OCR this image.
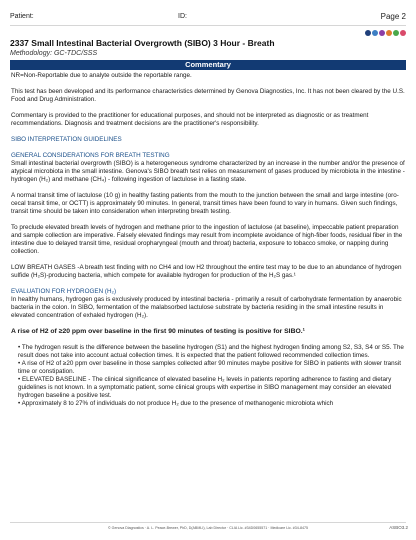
Patient:	ID:	Page 2
2337 Small Intestinal Bacterial Overgrowth (SIBO) 3 Hour - Breath
Methodology: GC-TDC/SSS
Commentary

NR=Non-Reportable due to analyte outside the reportable range.

This test has been developed and its performance characteristics determined by Genova Diagnostics, Inc. It has not been cleared by the U.S. Food and Drug Administration.

Commentary is provided to the practitioner for educational purposes, and should not be interpreted as diagnostic or as treatment recommendations. Diagnosis and treatment decisions are the practitioner's responsibility.

SIBO INTERPRETATION GUIDELINES

GENERAL CONSIDERATIONS FOR BREATH TESTING

Small intestinal bacterial overgrowth (SIBO) is a heterogeneous syndrome characterized by an increase in the number and/or the presence of atypical microbiota in the small intestine. Genova's SIBO breath test relies on measurement of gases produced by microbiota in the intestine - hydrogen (H₂) and methane (CH₄) - following ingestion of lactulose in a fasting state.

A normal transit time of lactulose (10 g) in healthy fasting patients from the mouth to the junction between the small and large intestine (oro-cecal transit time, or OCTT) is approximately 90 minutes. In general, transit times have been found to vary in humans. Given such findings, transit time should be taken into consideration when interpreting breath testing.

To preclude elevated breath levels of hydrogen and methane prior to the ingestion of lactulose (at baseline), impeccable patient preparation and sample collection are imperative. Falsely elevated findings may result from incomplete avoidance of high-fiber foods, residual fiber in the intestine due to delayed transit time, residual oropharyngeal (mouth and throat) bacteria, exposure to tobacco smoke, or napping during collection.

LOW BREATH GASES -A breath test finding with no CH4 and low H2 throughout the entire test may to be due to an abundance of hydrogen sulfide (H₂S)-producing bacteria, which compete for available hydrogen for production of the H₂S gas.¹

EVALUATION FOR HYDROGEN (H₂)

In healthy humans, hydrogen gas is exclusively produced by intestinal bacteria - primarily a result of carbohydrate fermentation by anaerobic bacteria in the colon. In SIBO, fermentation of the malabsorbed lactulose substrate by bacteria residing in the small intestine results in elevated concentration of exhaled hydrogen (H₂).

A rise of H2 of ≥20 ppm over baseline in the first 90 minutes of testing is positive for SIBO.¹

• The hydrogen result is the difference between the baseline hydrogen (S1) and the highest hydrogen finding among S2, S3, S4 or S5. The result does not take into account actual collection times. It is expected that the patient followed recommended collection times.

• A rise of H2 of ≥20 ppm over baseline in those samples collected after 90 minutes maybe positive for SIBO in patients with slower transit time or constipation.

• ELEVATED BASELINE - The clinical significance of elevated baseline H₂ levels in patients reporting adherence to fasting and dietary guidelines is not known. In a symptomatic patient, some clinical groups with expertise in SIBO management may consider an elevated hydrogen baseline a positive test.

• Approximately 8 to 27% of individuals do not produce H₂ due to the presence of methanogenic microbiota which

© Genova Diagnostics · A. L. Peace-Brewer, PhD, D(ABMLI), Lab Director · CLIA Lic. #34D0655571 · Medicare Lic. #34-8475	ASBO3.2
